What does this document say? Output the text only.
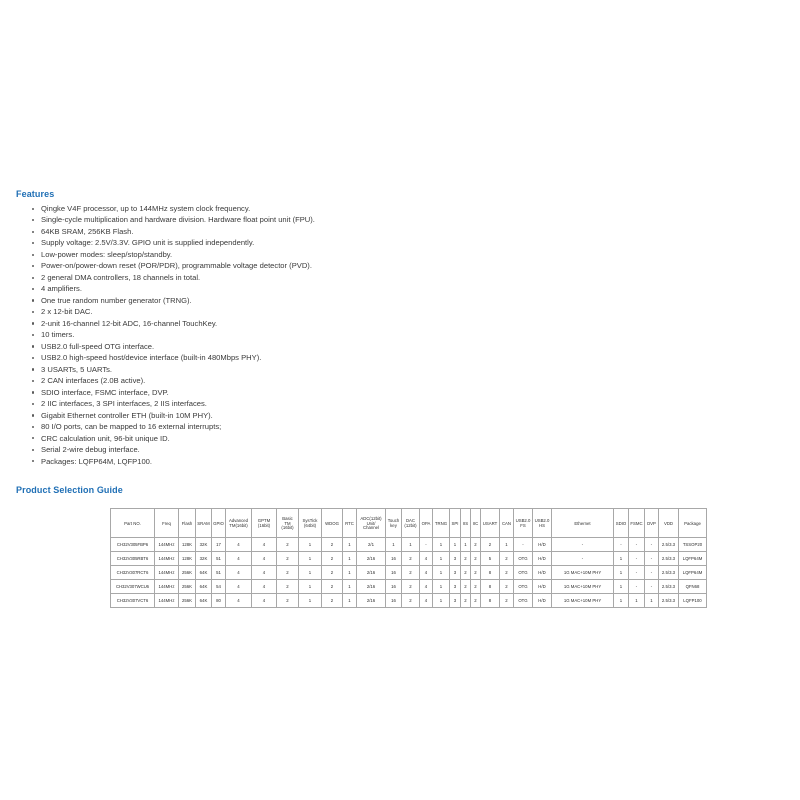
Features
Qingke V4F processor, up to 144MHz system clock frequency.
Single-cycle multiplication and hardware division. Hardware float point unit (FPU).
64KB SRAM, 256KB Flash.
Supply voltage: 2.5V/3.3V. GPIO unit is supplied independently.
Low-power modes: sleep/stop/standby.
Power-on/power-down reset (POR/PDR), programmable voltage detector (PVD).
2 general DMA controllers, 18 channels in total.
4 amplifiers.
One true random number generator (TRNG).
2 x 12-bit DAC.
2-unit 16-channel 12-bit ADC, 16-channel TouchKey.
10 timers.
USB2.0 full-speed OTG interface.
USB2.0 high-speed host/device interface (built-in 480Mbps PHY).
3 USARTs, 5 UARTs.
2 CAN interfaces (2.0B active).
SDIO interface, FSMC interface, DVP.
2 IIC interfaces, 3 SPI interfaces, 2 IIS interfaces.
Gigabit Ethernet controller ETH (built-in 10M PHY).
80 I/O ports, can be mapped to 16 external interrupts;
CRC calculation unit, 96-bit unique ID.
Serial 2-wire debug interface.
Packages: LQFP64M, LQFP100.
Product Selection Guide
Part NO.	Freq	Flash	SRAM	GPIO	Advanced
TM(16bit)	GPTM
(16bit)	Basic
TM
(16bit)	SysTick
(64bit)	WDOG	RTC	ADC(12bit)
Unit/
Channel	Touch
key	DAC
(12bit)	OPA	TRNG	SPI	IIS	IIC	USART	CAN	USB2.0
FS	USB2.0
HS	Ethernet	SDIO	FSMC	DVP	VDD	Package

CH32V305FBP6	144MHz	128K	32K	17	4	4	2	1	2	1	2/1	1	1	-	1	1	1	2	2	1	-	H/D	-	-	-	-	2.5/3.3	TSSOP20
CH32V305RBT6	144MHz	128K	32K	51	4	4	2	1	2	1	2/16	16	2	4	1	3	2	2	5	2	OTG	H/D	-	1	-	-	2.5/3.3	LQFP64M
CH32V307RCT6	144MHz	256K	64K	51	4	4	2	1	2	1	2/16	16	2	4	1	3	2	2	8	2	OTG	H/D	1G MAC+10M PHY	1	-	-	2.5/3.3	LQFP64M
CH32V307WCU6	144MHz	256K	64K	54	4	4	2	1	2	1	2/16	16	2	4	1	3	2	2	8	2	OTG	H/D	1G MAC+10M PHY	1	-	-	2.5/3.3	QFN68
CH32V307VCT6	144MHz	256K	64K	80	4	4	2	1	2	1	2/16	16	2	4	1	3	2	2	8	2	OTG	H/D	1G MAC+10M PHY	1	1	1	2.5/3.3	LQFP100
